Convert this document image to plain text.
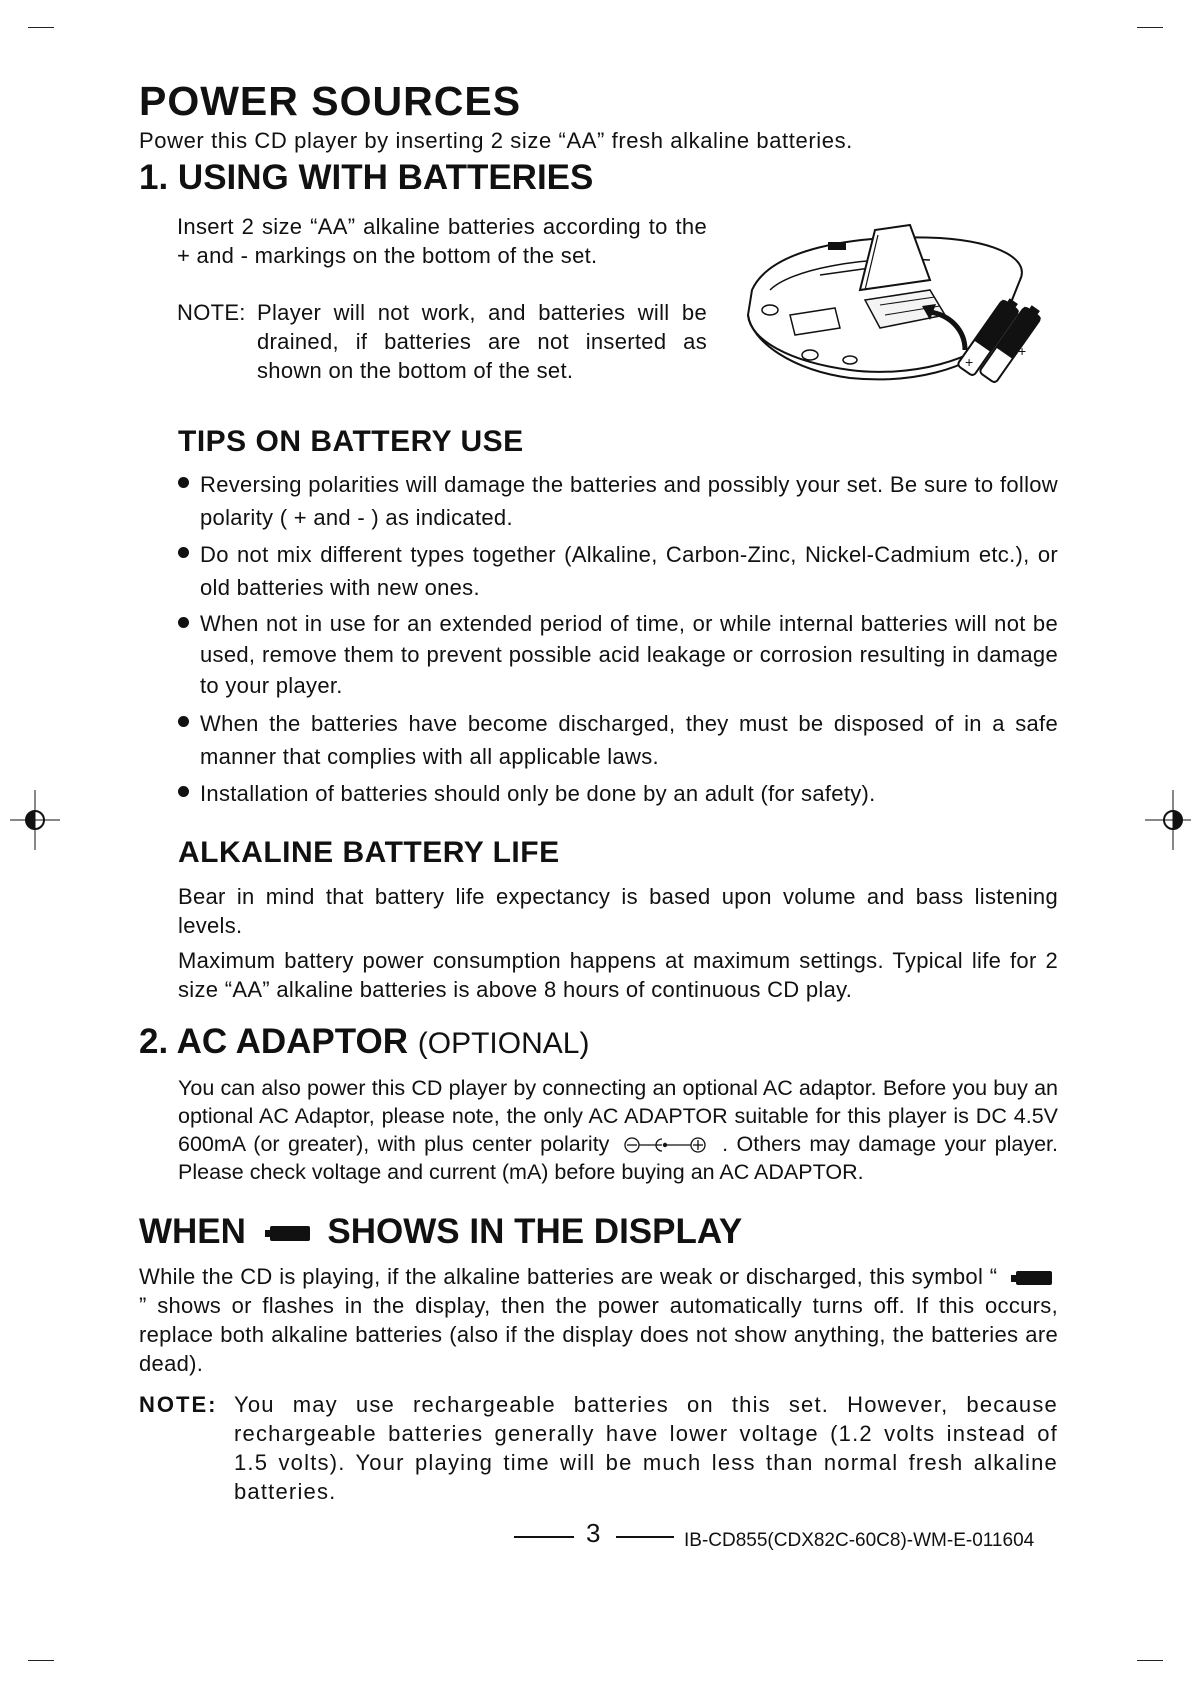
POWER SOURCES
Power this CD player by inserting 2 size “AA” fresh alkaline batteries.
1. USING WITH BATTERIES
Insert 2 size “AA” alkaline batteries according to the + and - markings on the bottom of the set.
NOTE: Player will not work, and batteries will be drained, if batteries are not inserted as shown on the bottom of the set.	+
+
TIPS ON BATTERY USE
Reversing polarities will damage the batteries and possibly your set. Be sure to follow polarity ( + and - ) as indicated.
Do not mix different types together (Alkaline, Carbon-Zinc, Nickel-Cadmium etc.), or old batteries with new ones.
When not in use for an extended period of time, or while internal batteries will not be used, remove them to prevent possible acid leakage or corrosion resulting in damage to your player.
When the batteries have become discharged, they must be disposed of in a safe manner that complies with all applicable laws.
Installation of batteries should only be done by an adult (for safety).
ALKALINE BATTERY LIFE
Bear in mind that battery life expectancy is based upon volume and bass listening levels.
Maximum battery power consumption happens at maximum settings. Typical life for 2 size “AA” alkaline batteries is above 8 hours of continuous CD play.
2. AC ADAPTOR (OPTIONAL)
You can also power this CD player by connecting an optional AC adaptor. Before you buy an optional AC Adaptor, please note, the only AC ADAPTOR suitable for this player is DC 4.5V 600mA (or greater), with plus center polarity	. Others may damage your player. Please check voltage and current (mA) before buying an AC ADAPTOR.
WHEN SHOWS IN THE DISPLAY
While the CD is playing, if the alkaline batteries are weak or discharged, this symbol “  ” shows or flashes in the display, then the power automatically turns off. If this occurs, replace both alkaline batteries (also if the display does not show anything, the batteries are dead).
NOTE: You may use rechargeable batteries on this set. However, because rechargeable batteries generally have lower voltage (1.2 volts instead of 1.5 volts). Your playing time will be much less than normal fresh alkaline batteries.
3	IB-CD855(CDX82C-60C8)-WM-E-011604
